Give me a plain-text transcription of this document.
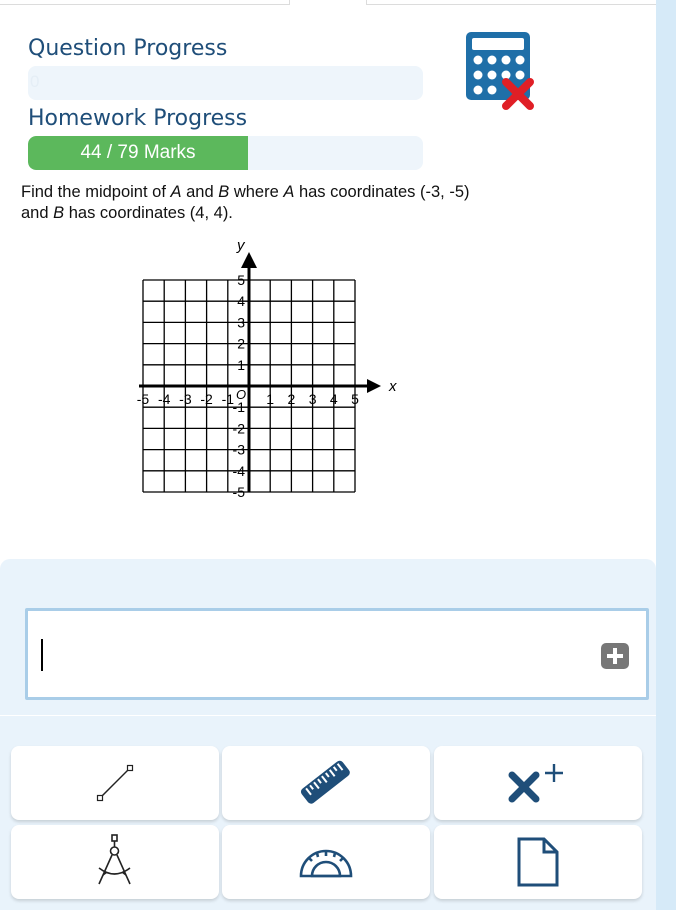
Question Progress
0
Homework Progress
44 / 79 Marks
Find the midpoint of A and B where A has coordinates (-3, -5)
and B has coordinates (4, 4).
x
y
O
-5 -4 -3 -2 -1 1 2 3 4 5
5
4
3
2
1
-1
-2
-3
-4
-5
